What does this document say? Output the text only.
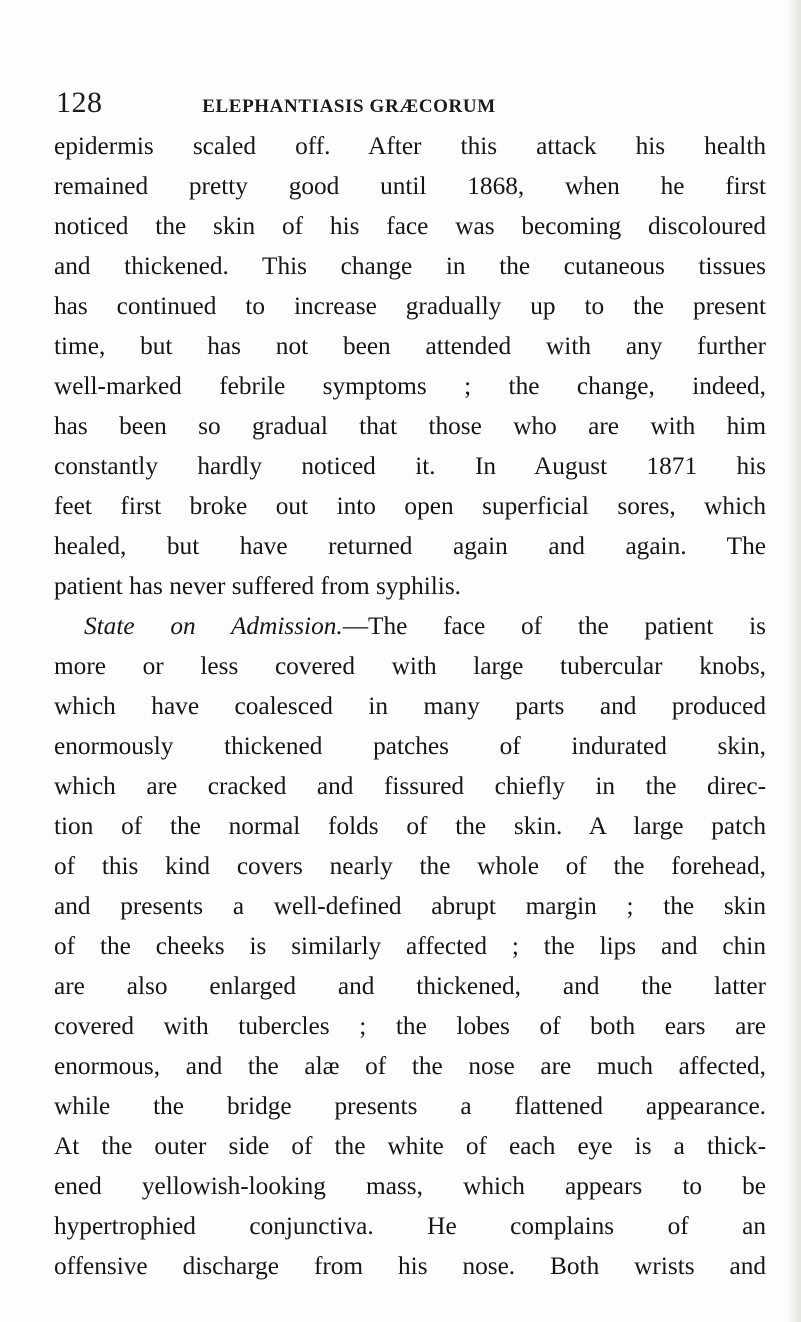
128	ELEPHANTIASIS GRÆCORUM
epidermis scaled off. After this attack his health
remained pretty good until 1868, when he first
noticed the skin of his face was becoming discoloured
and thickened. This change in the cutaneous tissues
has continued to increase gradually up to the present
time, but has not been attended with any further
well-marked febrile symptoms ; the change, indeed,
has been so gradual that those who are with him
constantly hardly noticed it. In August 1871 his
feet first broke out into open superficial sores, which
healed, but have returned again and again. The
patient has never suffered from syphilis.
State on Admission.—The face of the patient is
more or less covered with large tubercular knobs,
which have coalesced in many parts and produced
enormously thickened patches of indurated skin,
which are cracked and fissured chiefly in the direc-
tion of the normal folds of the skin. A large patch
of this kind covers nearly the whole of the forehead,
and presents a well-defined abrupt margin ; the skin
of the cheeks is similarly affected ; the lips and chin
are also enlarged and thickened, and the latter
covered with tubercles ; the lobes of both ears are
enormous, and the alæ of the nose are much affected,
while the bridge presents a flattened appearance.
At the outer side of the white of each eye is a thick-
ened yellowish-looking mass, which appears to be
hypertrophied conjunctiva. He complains of an
offensive discharge from his nose. Both wrists and
